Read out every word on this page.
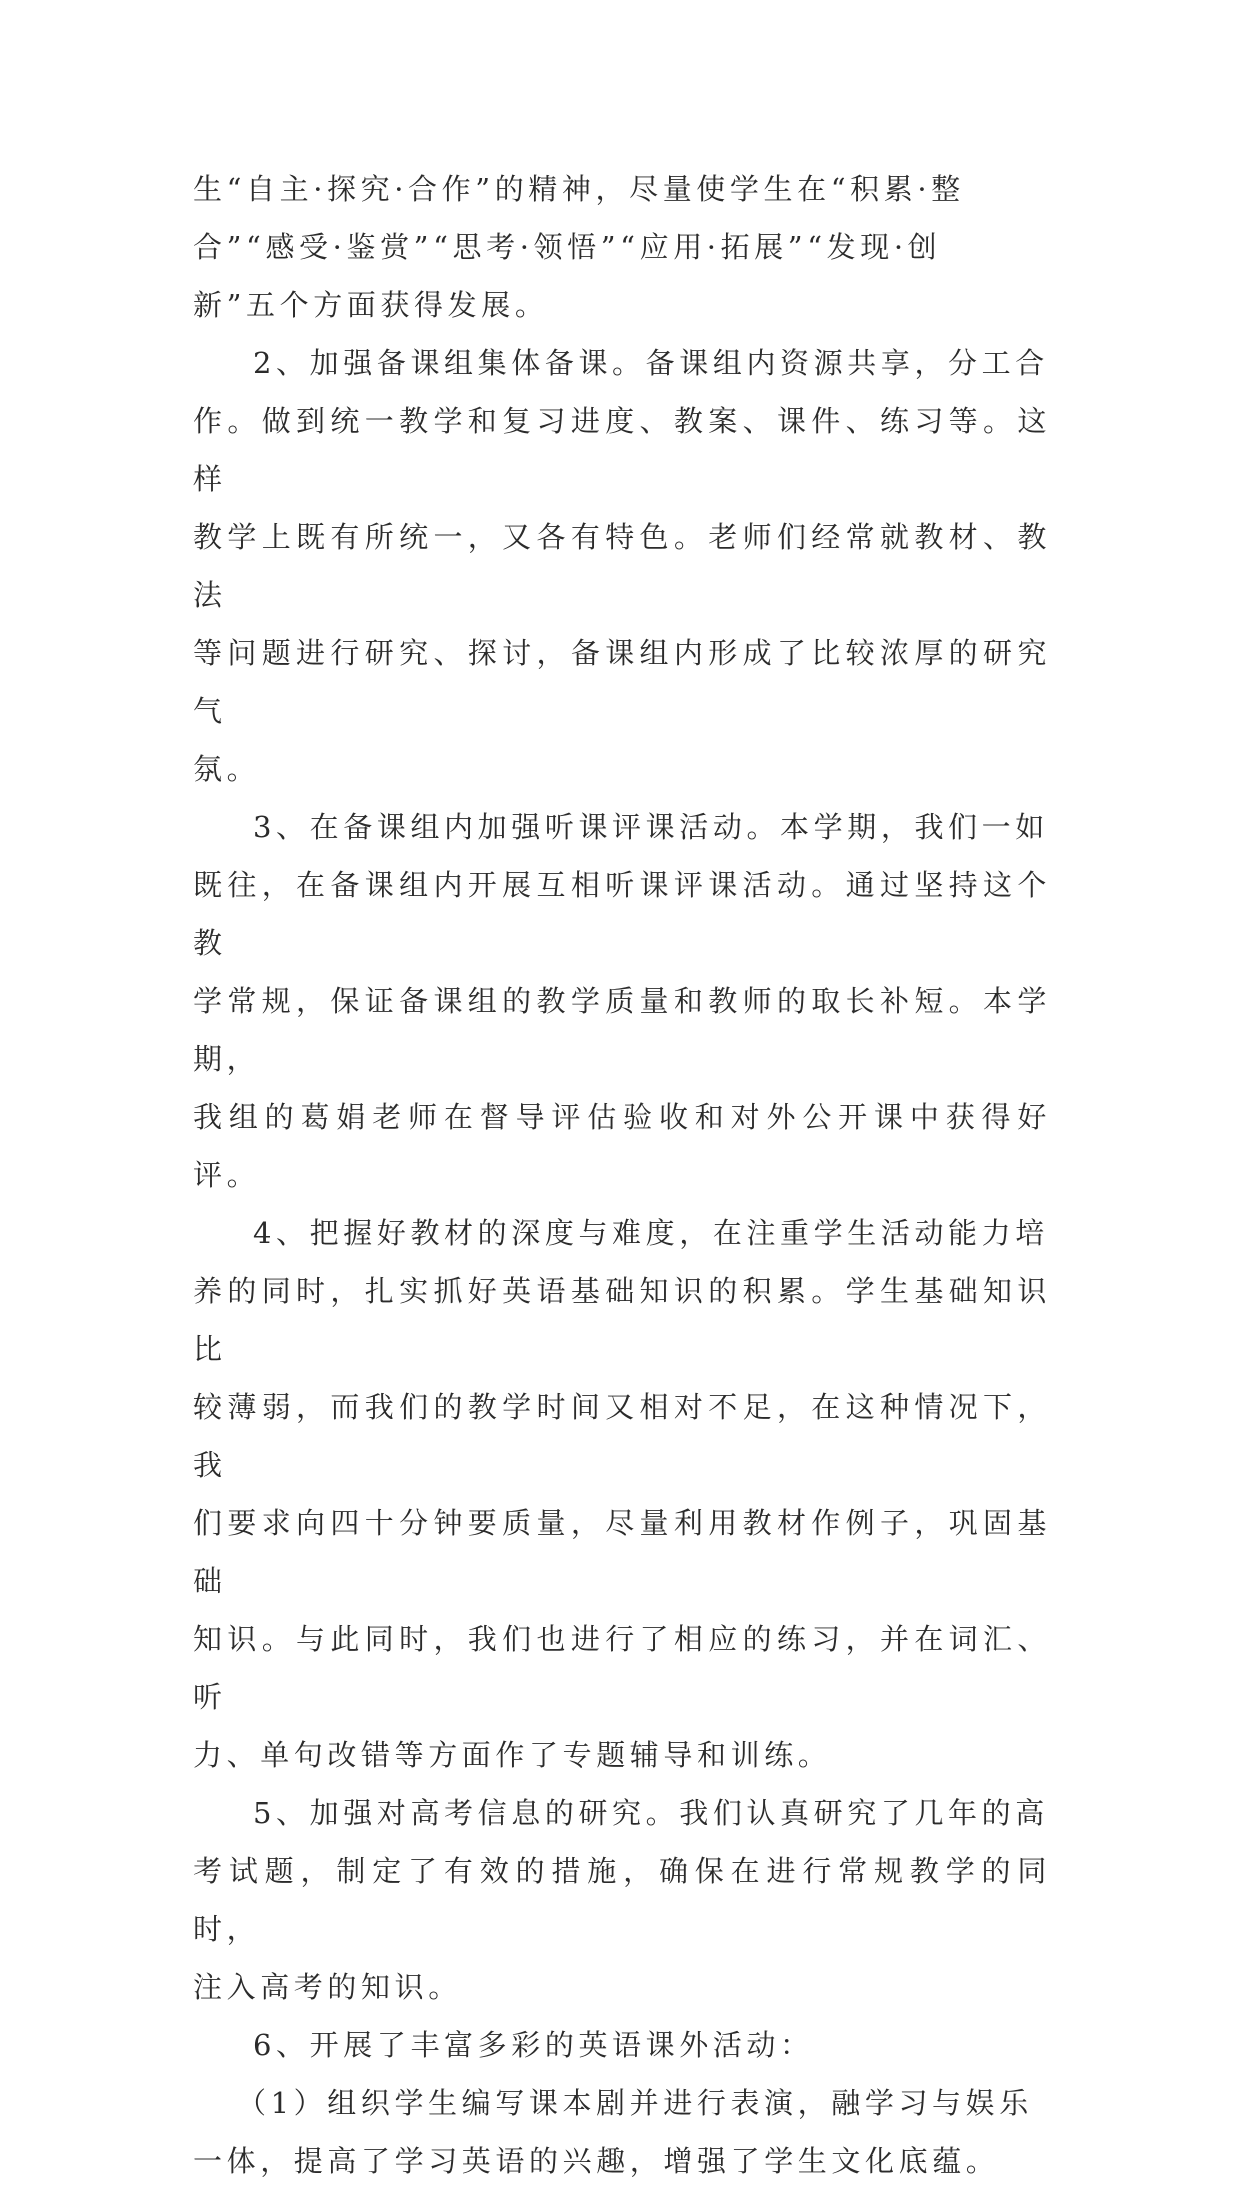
生“自主·探究·合作”的精神，尽量使学生在“积累·整
合”“感受·鉴赏”“思考·领悟”“应用·拓展”“发现·创
新”五个方面获得发展。

2、加强备课组集体备课。备课组内资源共享，分工合
作。做到统一教学和复习进度、教案、课件、练习等。这样
教学上既有所统一，又各有特色。老师们经常就教材、教法
等问题进行研究、探讨，备课组内形成了比较浓厚的研究气
氛。

3、在备课组内加强听课评课活动。本学期，我们一如
既往，在备课组内开展互相听课评课活动。通过坚持这个教
学常规，保证备课组的教学质量和教师的取长补短。本学期，
我组的葛娟老师在督导评估验收和对外公开课中获得好评。

4、把握好教材的深度与难度，在注重学生活动能力培
养的同时，扎实抓好英语基础知识的积累。学生基础知识比
较薄弱，而我们的教学时间又相对不足，在这种情况下，我
们要求向四十分钟要质量，尽量利用教材作例子，巩固基础
知识。与此同时，我们也进行了相应的练习，并在词汇、听
力、单句改错等方面作了专题辅导和训练。

5、加强对高考信息的研究。我们认真研究了几年的高
考试题，制定了有效的措施，确保在进行常规教学的同时，
注入高考的知识。

6、开展了丰富多彩的英语课外活动：

（1）组织学生编写课本剧并进行表演，融学习与娱乐
一体，提高了学习英语的兴趣，增强了学生文化底蕴。
